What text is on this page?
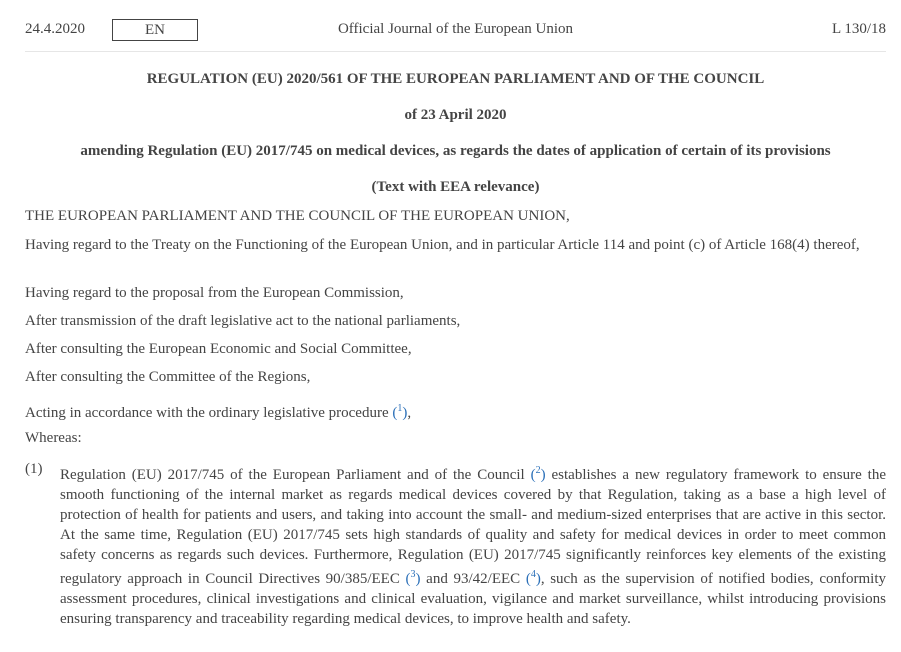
Official Journal of the European Union
24.4.2020	EN	L 130/18
REGULATION (EU) 2020/561 OF THE EUROPEAN PARLIAMENT AND OF THE COUNCIL
of 23 April 2020
amending Regulation (EU) 2017/745 on medical devices, as regards the dates of application of certain of its provisions
(Text with EEA relevance)
THE EUROPEAN PARLIAMENT AND THE COUNCIL OF THE EUROPEAN UNION,
Having regard to the Treaty on the Functioning of the European Union, and in particular Article 114 and point (c) of Article 168(4) thereof,
Having regard to the proposal from the European Commission,
After transmission of the draft legislative act to the national parliaments,
After consulting the European Economic and Social Committee,
After consulting the Committee of the Regions,
Acting in accordance with the ordinary legislative procedure ($^1$),
Whereas:
(1) Regulation (EU) 2017/745 of the European Parliament and of the Council ($^2$) establishes a new regulatory framework to ensure the smooth functioning of the internal market as regards medical devices covered by that Regulation, taking as a base a high level of protection of health for patients and users, and taking into account the small- and medium-sized enterprises that are active in this sector. At the same time, Regulation (EU) 2017/745 sets high standards of quality and safety for medical devices in order to meet common safety concerns as regards such devices. Furthermore, Regulation (EU) 2017/745 significantly reinforces key elements of the existing regulatory approach in Council Directives 90/385/EEC ($^3$) and 93/42/EEC ($^4$), such as the supervision of notified bodies, conformity assessment procedures, clinical investigations and clinical evaluation, vigilance and market surveillance, whilst introducing provisions ensuring transparency and traceability regarding medical devices, to improve health and safety.
